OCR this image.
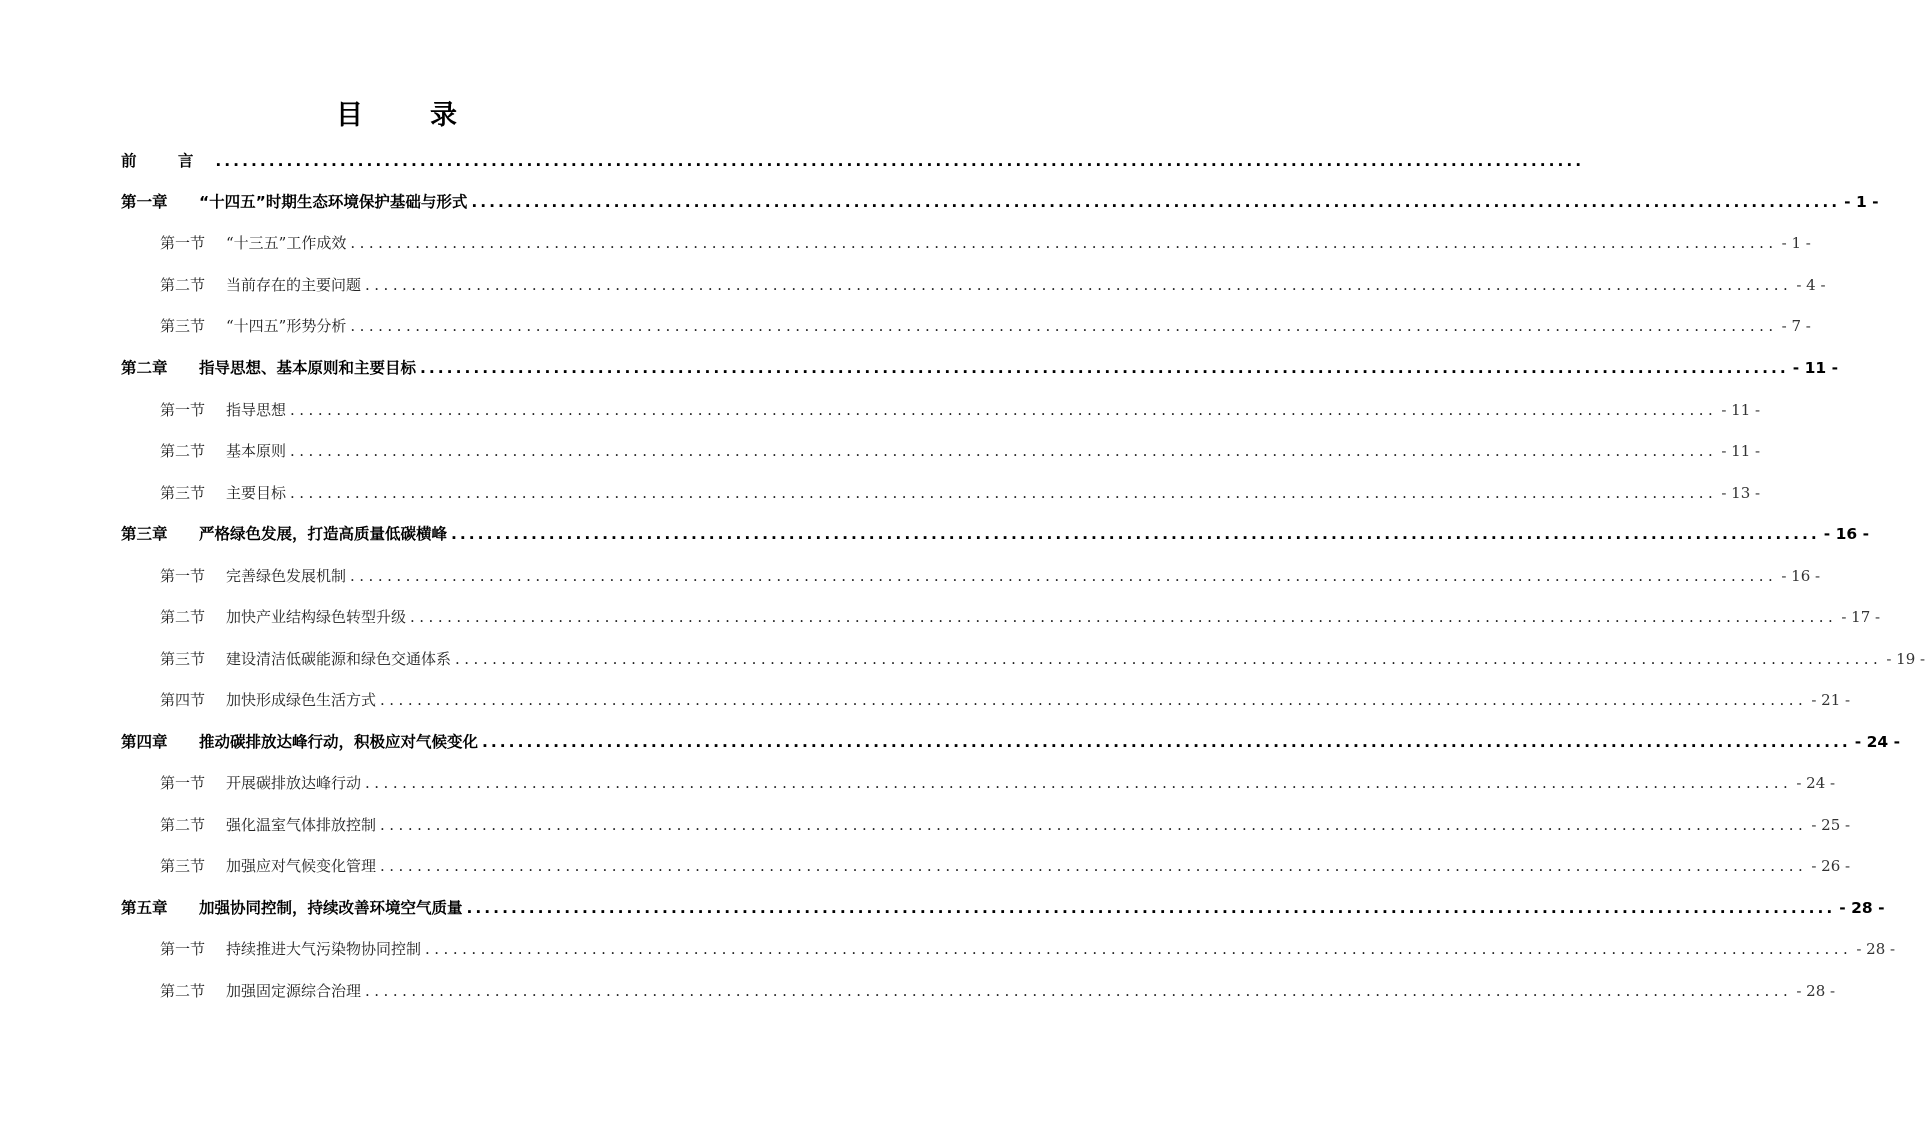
目　录
前 言 ..........................................................................................................................................................
第一章	“十四五”时期生态环境保护基础与形式 .......................................................................................................................................................... - 1 -
第一节	“十三五”工作成效 .......................................................................................................................................................... - 1 -
第二节	当前存在的主要问题 .......................................................................................................................................................... - 4 -
第三节	“十四五”形势分析 .......................................................................................................................................................... - 7 -
第二章	指导思想、基本原则和主要目标 .......................................................................................................................................................... - 11 -
第一节	指导思想 .......................................................................................................................................................... - 11 -
第二节	基本原则 .......................................................................................................................................................... - 11 -
第三节	主要目标 .......................................................................................................................................................... - 13 -
第三章	严格绿色发展，打造高质量低碳横峰 .......................................................................................................................................................... - 16 -
第一节	完善绿色发展机制 .......................................................................................................................................................... - 16 -
第二节	加快产业结构绿色转型升级 .......................................................................................................................................................... - 17 -
第三节	建设清洁低碳能源和绿色交通体系 .......................................................................................................................................................... - 19 -
第四节	加快形成绿色生活方式 .......................................................................................................................................................... - 21 -
第四章	推动碳排放达峰行动，积极应对气候变化 .......................................................................................................................................................... - 24 -
第一节	开展碳排放达峰行动 .......................................................................................................................................................... - 24 -
第二节	强化温室气体排放控制 .......................................................................................................................................................... - 25 -
第三节	加强应对气候变化管理 .......................................................................................................................................................... - 26 -
第五章	加强协同控制，持续改善环境空气质量 .......................................................................................................................................................... - 28 -
第一节	持续推进大气污染物协同控制 .......................................................................................................................................................... - 28 -
第二节	加强固定源综合治理 .......................................................................................................................................................... - 28 -
